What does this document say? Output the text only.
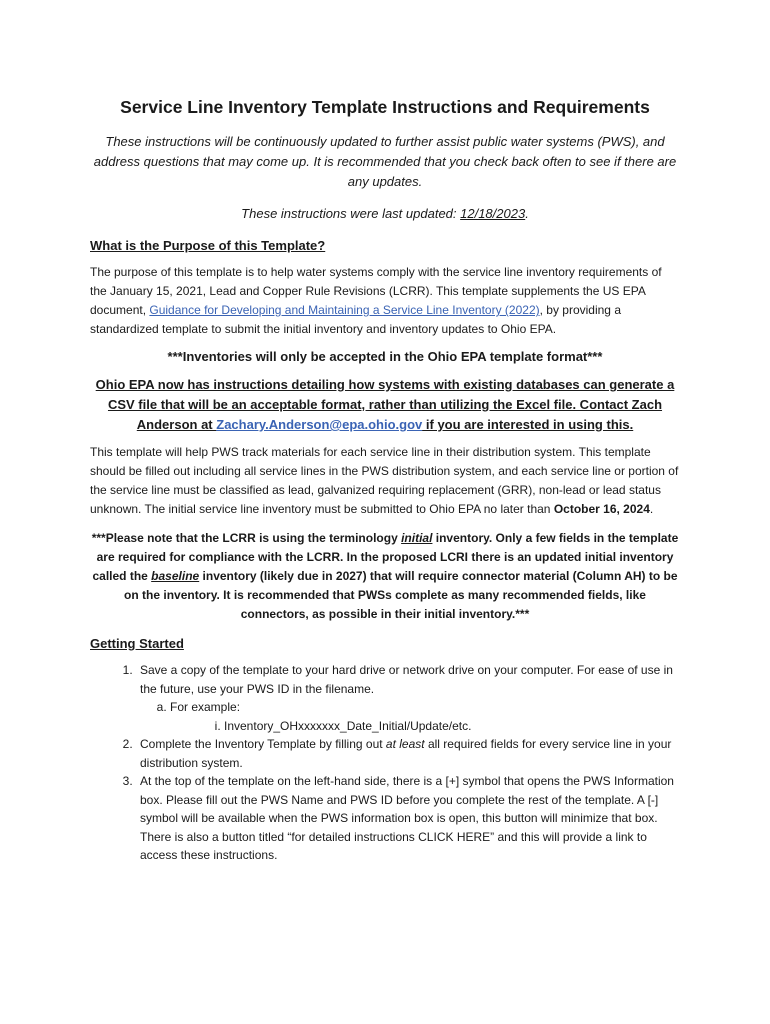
Service Line Inventory Template Instructions and Requirements

These instructions will be continuously updated to further assist public water systems (PWS), and address questions that may come up. It is recommended that you check back often to see if there are any updates.

These instructions were last updated: 12/18/2023.

What is the Purpose of this Template?

The purpose of this template is to help water systems comply with the service line inventory requirements of the January 15, 2021, Lead and Copper Rule Revisions (LCRR). This template supplements the US EPA document, Guidance for Developing and Maintaining a Service Line Inventory (2022), by providing a standardized template to submit the initial inventory and inventory updates to Ohio EPA.

***Inventories will only be accepted in the Ohio EPA template format***

Ohio EPA now has instructions detailing how systems with existing databases can generate a CSV file that will be an acceptable format, rather than utilizing the Excel file. Contact Zach Anderson at Zachary.Anderson@epa.ohio.gov if you are interested in using this.

This template will help PWS track materials for each service line in their distribution system. This template should be filled out including all service lines in the PWS distribution system, and each service line or portion of the service line must be classified as lead, galvanized requiring replacement (GRR), non-lead or lead status unknown. The initial service line inventory must be submitted to Ohio EPA no later than October 16, 2024.

***Please note that the LCRR is using the terminology initial inventory. Only a few fields in the template are required for compliance with the LCRR. In the proposed LCRI there is an updated initial inventory called the baseline inventory (likely due in 2027) that will require connector material (Column AH) to be on the inventory. It is recommended that PWSs complete as many recommended fields, like connectors, as possible in their initial inventory.***

Getting Started
1. Save a copy of the template to your hard drive or network drive on your computer. For ease of use in the future, use your PWS ID in the filename.
a. For example:
i. Inventory_OHxxxxxxx_Date_Initial/Update/etc.
2. Complete the Inventory Template by filling out at least all required fields for every service line in your distribution system.
3. At the top of the template on the left-hand side, there is a [+] symbol that opens the PWS Information box. Please fill out the PWS Name and PWS ID before you complete the rest of the template. A [-] symbol will be available when the PWS information box is open, this button will minimize that box. There is also a button titled “for detailed instructions CLICK HERE” and this will provide a link to access these instructions.
